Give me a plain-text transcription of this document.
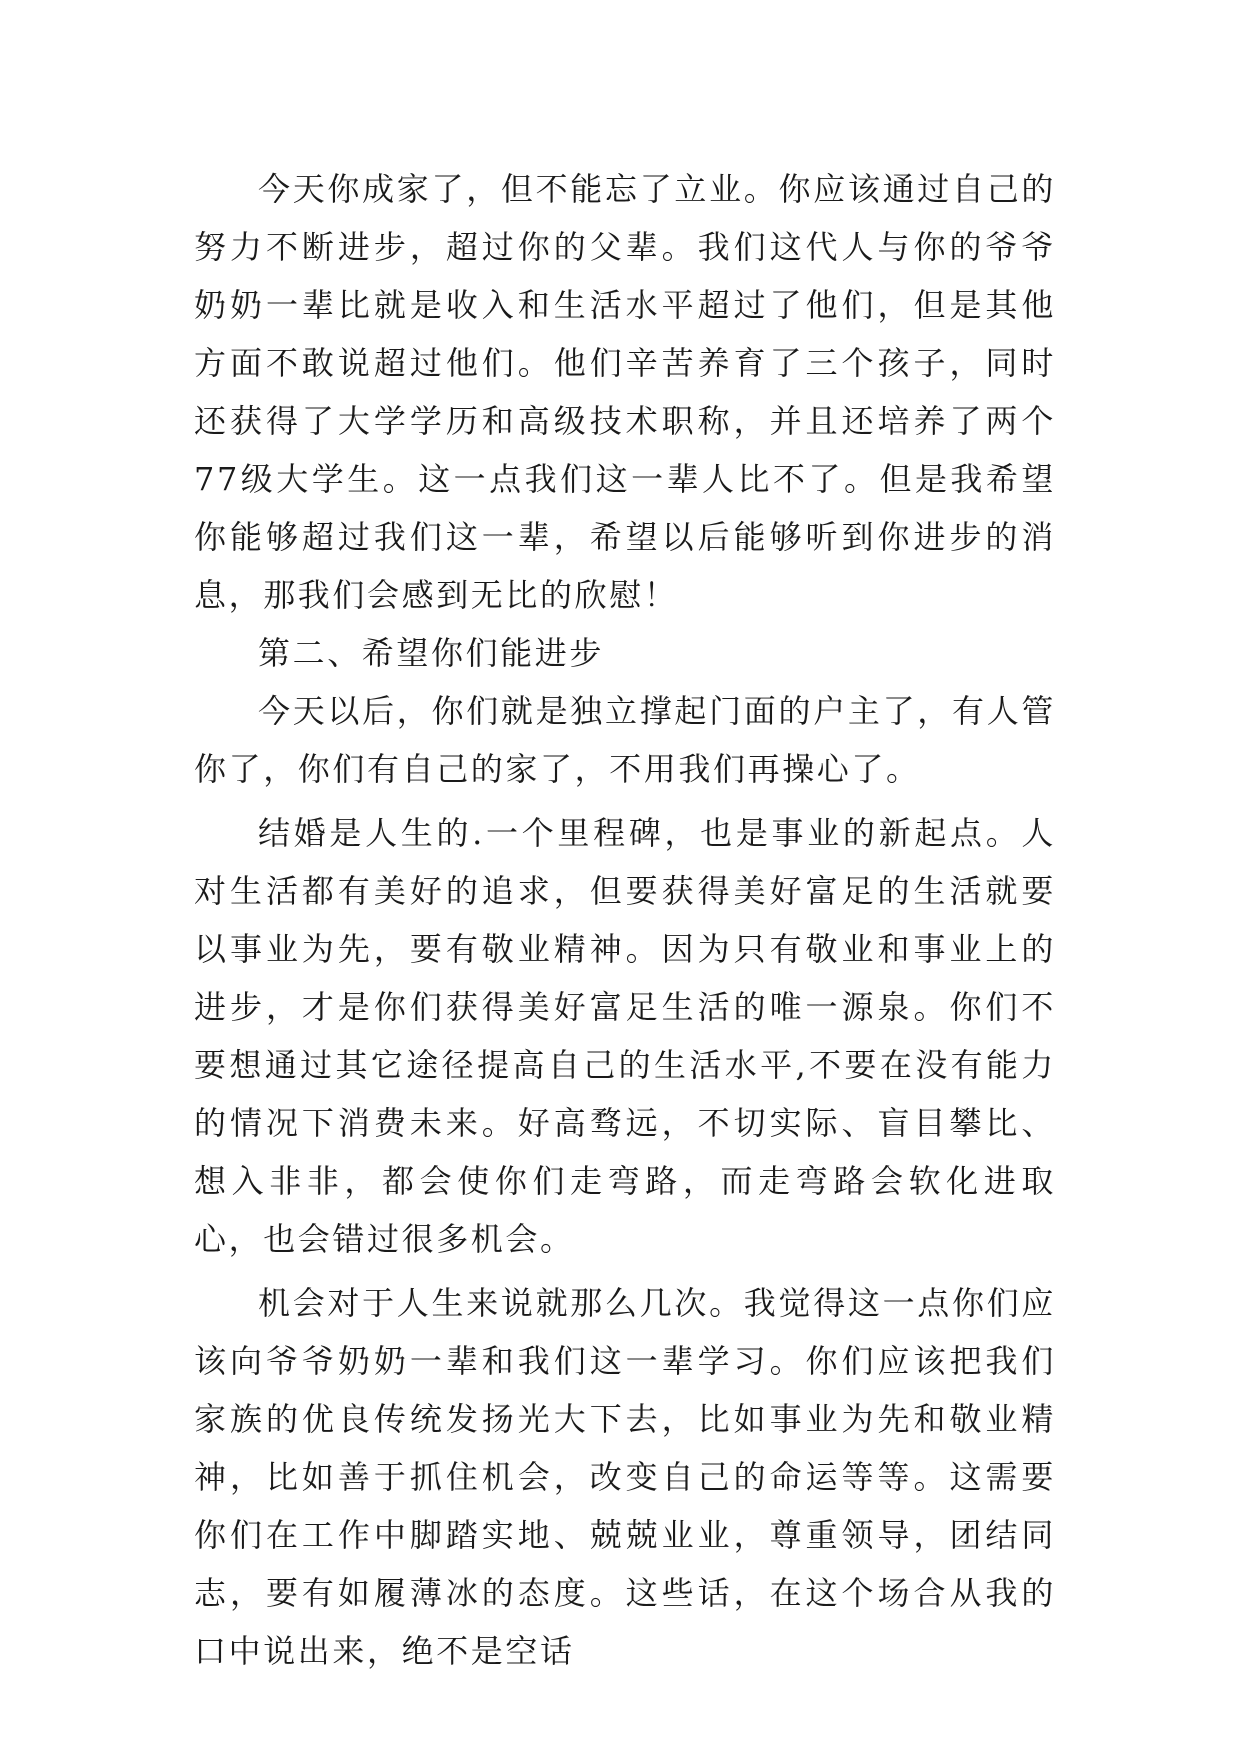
今天你成家了，但不能忘了立业。你应该通过自己的努力不断进步，超过你的父辈。我们这代人与你的爷爷奶奶一辈比就是收入和生活水平超过了他们，但是其他方面不敢说超过他们。他们辛苦养育了三个孩子，同时还获得了大学学历和高级技术职称，并且还培养了两个77级大学生。这一点我们这一辈人比不了。但是我希望你能够超过我们这一辈，希望以后能够听到你进步的消息，那我们会感到无比的欣慰！

第二、希望你们能进步

今天以后，你们就是独立撑起门面的户主了，有人管你了，你们有自己的家了，不用我们再操心了。

结婚是人生的.一个里程碑，也是事业的新起点。人对生活都有美好的追求，但要获得美好富足的生活就要以事业为先，要有敬业精神。因为只有敬业和事业上的进步，才是你们获得美好富足生活的唯一源泉。你们不要想通过其它途径提高自己的生活水平,不要在没有能力的情况下消费未来。好高骛远，不切实际、盲目攀比、想入非非，都会使你们走弯路，而走弯路会软化进取心，也会错过很多机会。

机会对于人生来说就那么几次。我觉得这一点你们应该向爷爷奶奶一辈和我们这一辈学习。你们应该把我们家族的优良传统发扬光大下去，比如事业为先和敬业精神，比如善于抓住机会，改变自己的命运等等。这需要你们在工作中脚踏实地、兢兢业业，尊重领导，团结同志，要有如履薄冰的态度。这些话，在这个场合从我的口中说出来，绝不是空话
